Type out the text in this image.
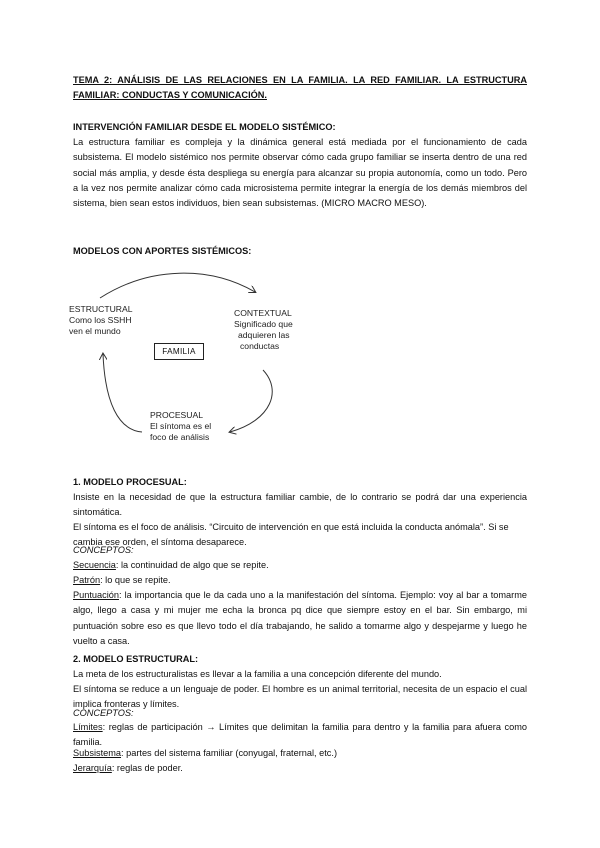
TEMA 2: ANÁLISIS DE LAS RELACIONES EN LA FAMILIA. LA RED FAMILIAR. LA ESTRUCTURA FAMILIAR: CONDUCTAS Y COMUNICACIÓN.
INTERVENCIÓN FAMILIAR DESDE EL MODELO SISTÉMICO:
La estructura familiar es compleja y la dinámica general está mediada por el funcionamiento de cada subsistema. El modelo sistémico nos permite observar cómo cada grupo familiar se inserta dentro de una red social más amplia, y desde ésta despliega su energía para alcanzar su propia autonomía, como un todo. Pero a la vez nos permite analizar cómo cada microsistema permite integrar la energía de los demás miembros del sistema, bien sean estos individuos, bien sean subsistemas. (MICRO MACRO MESO).
MODELOS CON APORTES SISTÉMICOS:
ESTRUCTURAL
Como los SSHH
ven el mundo
CONTEXTUAL
Significado que
adquieren las
conductas
PROCESUAL
El síntoma es el
foco de análisis
FAMILIA
1. MODELO PROCESUAL:
Insiste en la necesidad de que la estructura familiar cambie, de lo contrario se podrá dar una experiencia sintomática.
El síntoma es el foco de análisis. “Circuito de intervención en que está incluida la conducta anómala”. Si se cambia ese orden, el síntoma desaparece.
CONCEPTOS:
Secuencia: la continuidad de algo que se repite.
Patrón: lo que se repite.
Puntuación: la importancia que le da cada uno a la manifestación del síntoma. Ejemplo: voy al bar a tomarme algo, llego a casa y mi mujer me echa la bronca pq dice que siempre estoy en el bar. Sin embargo, mi puntuación sobre eso es que llevo todo el día trabajando, he salido a tomarme algo y despejarme y luego he vuelto a casa.
2. MODELO ESTRUCTURAL:
La meta de los estructuralistas es llevar a la familia a una concepción diferente del mundo.
El síntoma se reduce a un lenguaje de poder. El hombre es un animal territorial, necesita de un espacio el cual implica fronteras y límites.
CONCEPTOS:
Límites: reglas de participación → Límites que delimitan la familia para dentro y la familia para afuera como familia.
Subsistema: partes del sistema familiar (conyugal, fraternal, etc.)
Jerarquía: reglas de poder.
